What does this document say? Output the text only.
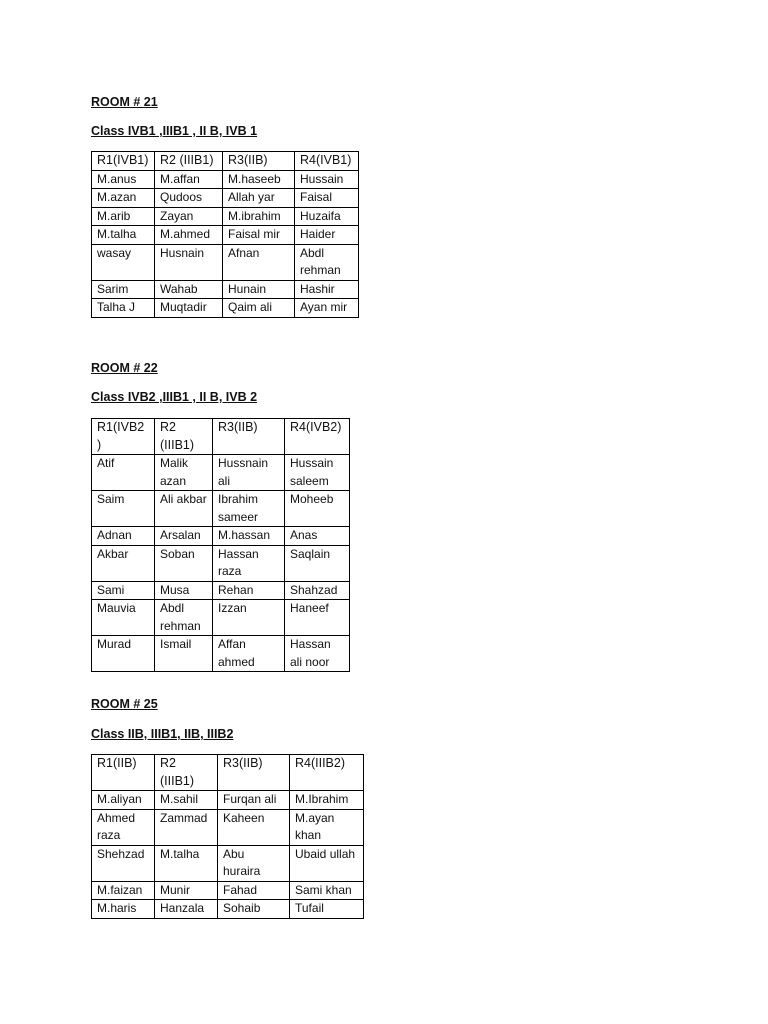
ROOM # 21
Class IVB1 ,IIIB1 , II B, IVB 1
R1(IVB1)	R2 (IIIB1)	R3(IIB)	R4(IVB1)

M.anus	M.affan	M.haseeb	Hussain

M.azan	Qudoos	Allah yar	Faisal

M.arib	Zayan	M.ibrahim	Huzaifa

M.talha	M.ahmed	Faisal mir	Haider

wasay	Husnain	Afnan	Abdl rehman

Sarim	Wahab	Hunain	Hashir

Talha J	Muqtadir	Qaim ali	Ayan mir
ROOM # 22
Class IVB2 ,IIIB1 , II B, IVB 2
R1(IVB2 )	R2 (IIIB1)	R3(IIB)	R4(IVB2)

Atif	Malik azan	Hussnain ali	Hussain saleem

Saim	Ali akbar	Ibrahim sameer	Moheeb

Adnan	Arsalan	M.hassan	Anas

Akbar	Soban	Hassan raza	Saqlain

Sami	Musa	Rehan	Shahzad

Mauvia	Abdl rehman	Izzan	Haneef

Murad	Ismail	Affan ahmed	Hassan ali noor
ROOM # 25
Class IIB, IIIB1, IIB, IIIB2
R1(IIB)	R2 (IIIB1)	R3(IIB)	R4(IIIB2)

M.aliyan	M.sahil	Furqan ali	M.Ibrahim

Ahmed raza	Zammad	Kaheen	M.ayan khan

Shehzad	M.talha	Abu huraira	Ubaid ullah

M.faizan	Munir	Fahad	Sami khan

M.haris	Hanzala	Sohaib	Tufail
